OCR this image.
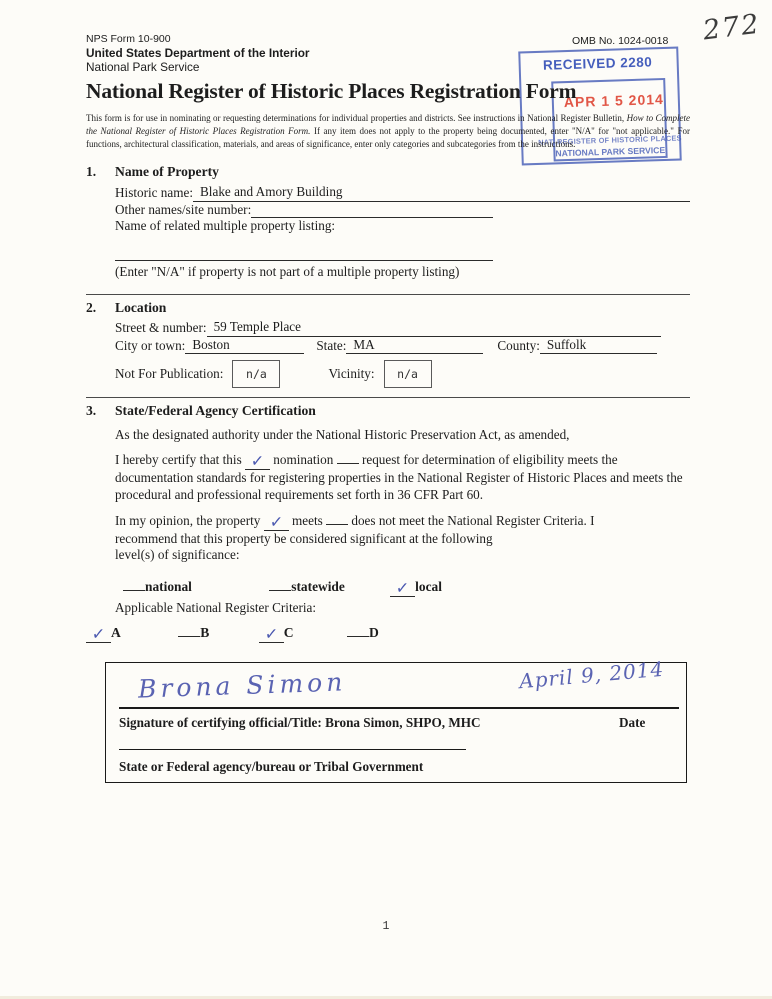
OMB No. 1024-0018 272
RECEIVED 2280
APR 1 5 2014
NAT. REGISTER OF HISTORIC PLACES
NATIONAL PARK SERVICE
NPS Form 10-900
United States Department of the Interior
National Park Service
National Register of Historic Places Registration Form

This form is for use in nominating or requesting determinations for individual properties and districts. See instructions in National Register Bulletin, How to Complete the National Register of Historic Places Registration Form. If any item does not apply to the property being documented, enter "N/A" for "not applicable." For functions, architectural classification, materials, and areas of significance, enter only categories and subcategories from the instructions.

1.	Name of Property
Historic name: Blake and Amory Building
Other names/site number:
Name of related multiple property listing:
(Enter "N/A" if property is not part of a multiple property listing)
2.	Location
Street & number: 59 Temple Place
City or town: Boston	State: MA	County: Suffolk
Not For Publication:	n/a	Vicinity:	n/a
3.	State/Federal Agency Certification

As the designated authority under the National Historic Preservation Act, as amended,

I hereby certify that this ✓ nomination request for determination of eligibility meets the documentation standards for registering properties in the National Register of Historic Places and meets the procedural and professional requirements set forth in 36 CFR Part 60.

In my opinion, the property ✓ meets does not meet the National Register Criteria. I
recommend that this property be considered significant at the following
level(s) of significance:

national	statewide	✓ local
Applicable National Register Criteria:
✓ A	B	✓ C	D
Brona Simon	April 9, 2014
Signature of certifying official/Title: Brona Simon, SHPO, MHC	Date
State or Federal agency/bureau or Tribal Government
1
